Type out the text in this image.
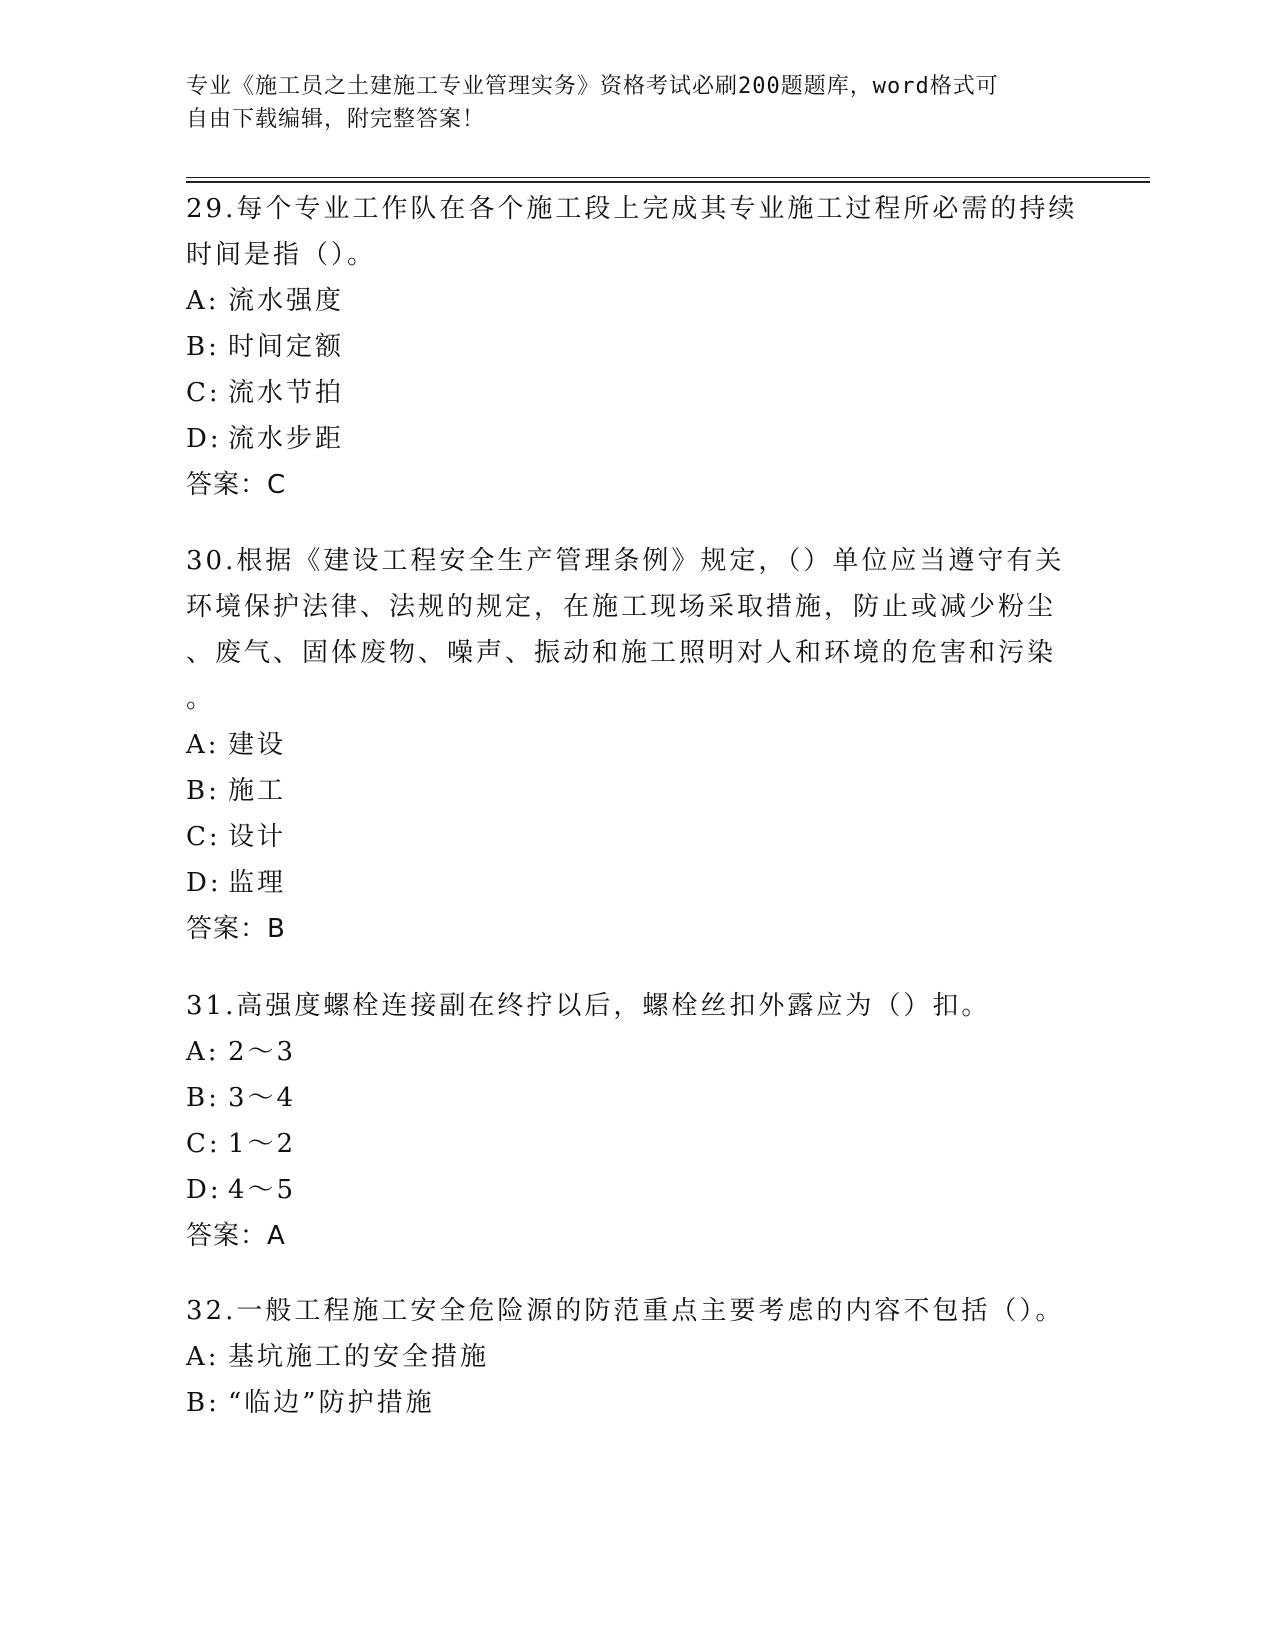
专业《施工员之土建施工专业管理实务》资格考试必刷200题题库，word格式可
自由下载编辑，附完整答案！
29.每个专业工作队在各个施工段上完成其专业施工过程所必需的持续
时间是指（）。
A: 流水强度
B: 时间定额
C: 流水节拍
D: 流水步距
答案：C
30.根据《建设工程安全生产管理条例》规定，（）单位应当遵守有关
环境保护法律、法规的规定，在施工现场采取措施，防止或减少粉尘
、废气、固体废物、噪声、振动和施工照明对人和环境的危害和污染
。
A: 建设
B: 施工
C: 设计
D: 监理
答案：B
31.高强度螺栓连接副在终拧以后，螺栓丝扣外露应为（）扣。
A: 2～3
B: 3～4
C: 1～2
D: 4～5
答案：A
32.一般工程施工安全危险源的防范重点主要考虑的内容不包括（）。
A: 基坑施工的安全措施
B: “临边”防护措施
